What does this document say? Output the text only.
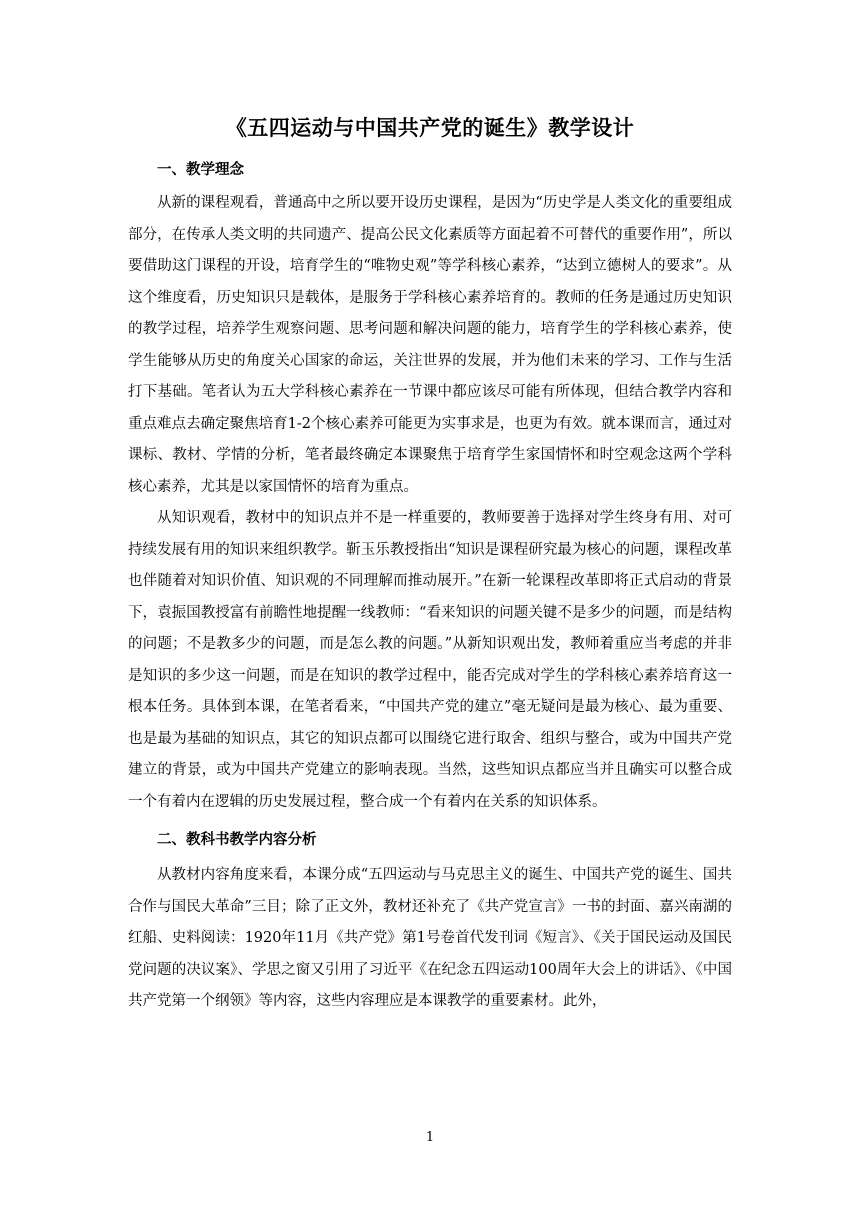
《五四运动与中国共产党的诞生》教学设计

一、教学理念

从新的课程观看，普通高中之所以要开设历史课程，是因为“历史学是人类文化的重要组成部分，在传承人类文明的共同遗产、提高公民文化素质等方面起着不可替代的重要作用”，所以要借助这门课程的开设，培育学生的“唯物史观”等学科核心素养，“达到立德树人的要求”。从这个维度看，历史知识只是载体，是服务于学科核心素养培育的。教师的任务是通过历史知识的教学过程，培养学生观察问题、思考问题和解决问题的能力，培育学生的学科核心素养，使学生能够从历史的角度关心国家的命运，关注世界的发展，并为他们未来的学习、工作与生活打下基础。笔者认为五大学科核心素养在一节课中都应该尽可能有所体现，但结合教学内容和重点难点去确定聚焦培育1-2个核心素养可能更为实事求是，也更为有效。就本课而言，通过对课标、教材、学情的分析，笔者最终确定本课聚焦于培育学生家国情怀和时空观念这两个学科核心素养，尤其是以家国情怀的培育为重点。

从知识观看，教材中的知识点并不是一样重要的，教师要善于选择对学生终身有用、对可持续发展有用的知识来组织教学。靳玉乐教授指出“知识是课程研究最为核心的问题，课程改革也伴随着对知识价值、知识观的不同理解而推动展开。”在新一轮课程改革即将正式启动的背景下，袁振国教授富有前瞻性地提醒一线教师：“看来知识的问题关键不是多少的问题，而是结构的问题；不是教多少的问题，而是怎么教的问题。”从新知识观出发，教师着重应当考虑的并非是知识的多少这一问题，而是在知识的教学过程中，能否完成对学生的学科核心素养培育这一根本任务。具体到本课，在笔者看来，“中国共产党的建立”毫无疑问是最为核心、最为重要、也是最为基础的知识点，其它的知识点都可以围绕它进行取舍、组织与整合，或为中国共产党建立的背景，或为中国共产党建立的影响表现。当然，这些知识点都应当并且确实可以整合成一个有着内在逻辑的历史发展过程，整合成一个有着内在关系的知识体系。

二、教科书教学内容分析

从教材内容角度来看，本课分成“五四运动与马克思主义的诞生、中国共产党的诞生、国共合作与国民大革命”三目；除了正文外，教材还补充了《共产党宣言》一书的封面、嘉兴南湖的红船、史料阅读：1920年11月《共产党》第1号卷首代发刊词《短言》、《关于国民运动及国民党问题的决议案》、学思之窗又引用了习近平《在纪念五四运动100周年大会上的讲话》、《中国共产党第一个纲领》等内容，这些内容理应是本课教学的重要素材。此外，

1
